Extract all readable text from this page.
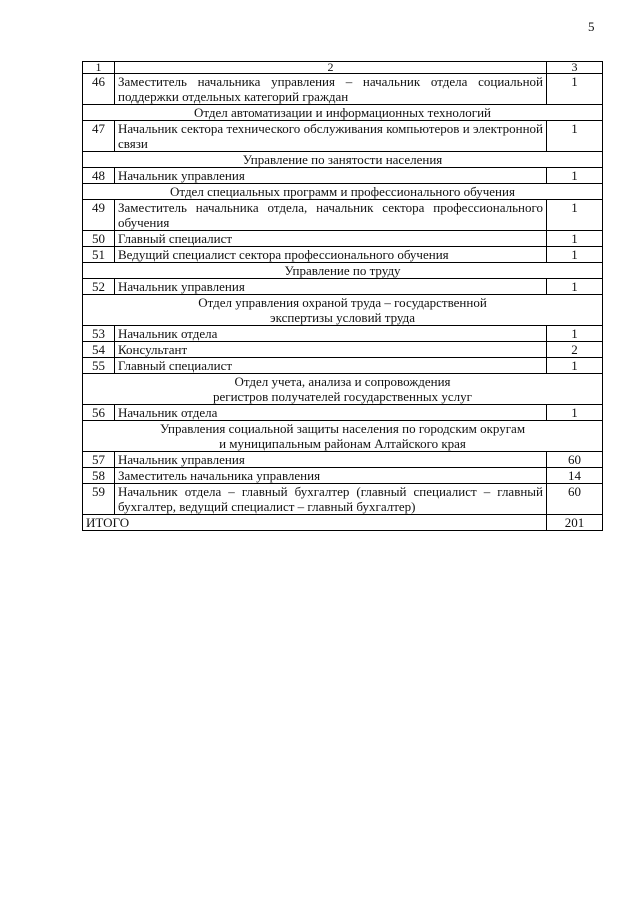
5
1	2	3
46	Заместитель начальника управления – начальник отдела социальной поддержки отдельных категорий граждан	1

Отдел автоматизации и информационных технологий		

47	Начальник сектора технического обслуживания компьютеров и электронной связи	1

Управление по занятости населения		

48	Начальник управления	1

Отдел специальных программ и профессионального обучения		

49	Заместитель начальника отдела, начальник сектора профессионального обучения	1
50	Главный специалист	1
51	Ведущий специалист сектора профессионального обучения	1

Управление по труду		

52	Начальник управления	1

Отдел управления охраной труда – государственной
экспертизы условий труда		

53	Начальник отдела	1
54	Консультант	2
55	Главный специалист	1

Отдел учета, анализа и сопровождения
регистров получателей государственных услуг		

56	Начальник отдела	1

Управления социальной защиты населения по городским округам
и муниципальным районам Алтайского края		

57	Начальник управления	60
58	Заместитель начальника управления	14
59	Начальник отдела – главный бухгалтер (главный специалист – главный бухгалтер, ведущий специалист – главный бухгалтер)	60
ИТОГО		201
